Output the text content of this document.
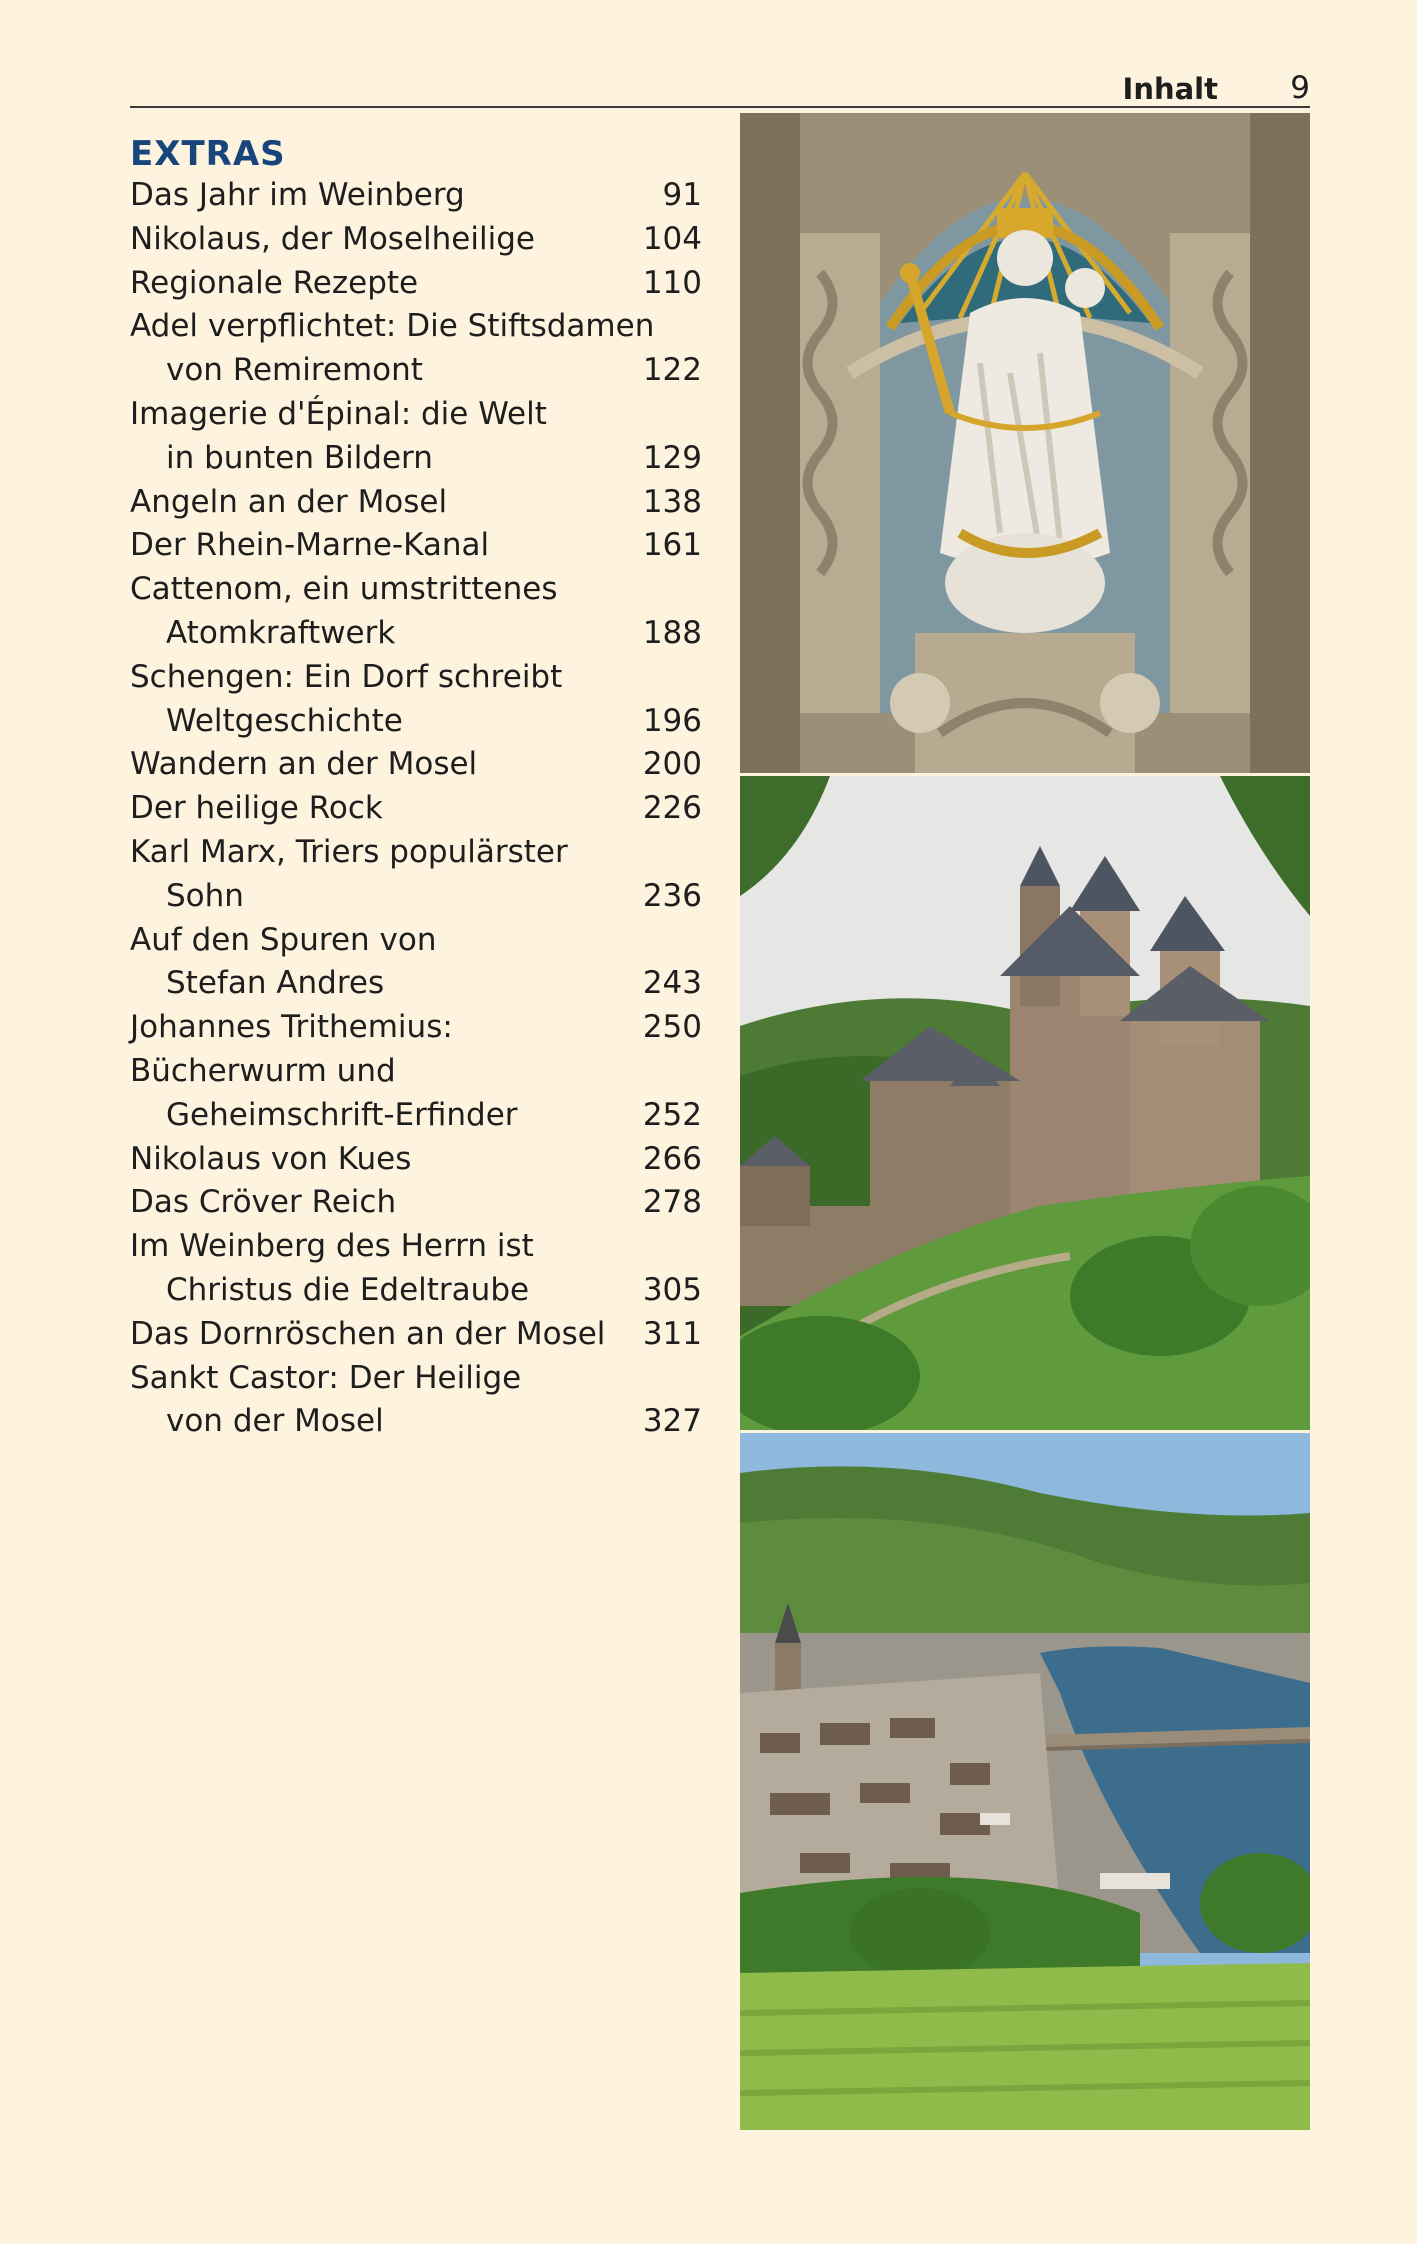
Inhalt 9
EXTRAS
Das Jahr im Weinberg	91
Nikolaus, der Moselheilige	104
Regionale Rezepte	110
Adel verpflichtet: Die Stiftsdamen
von Remiremont	122
Imagerie d'Épinal: die Welt
in bunten Bildern	129
Angeln an der Mosel	138
Der Rhein-Marne-Kanal	161
Cattenom, ein umstrittenes
Atomkraftwerk	188
Schengen: Ein Dorf schreibt
Weltgeschichte	196
Wandern an der Mosel	200
Der heilige Rock	226
Karl Marx, Triers populärster
Sohn	236
Auf den Spuren von
Stefan Andres	243
Johannes Trithemius:	250
Bücherwurm und
Geheimschrift-Erfinder	252
Nikolaus von Kues	266
Das Cröver Reich	278
Im Weinberg des Herrn ist
Christus die Edeltraube	305
Das Dornröschen an der Mosel	311
Sankt Castor: Der Heilige
von der Mosel	327
